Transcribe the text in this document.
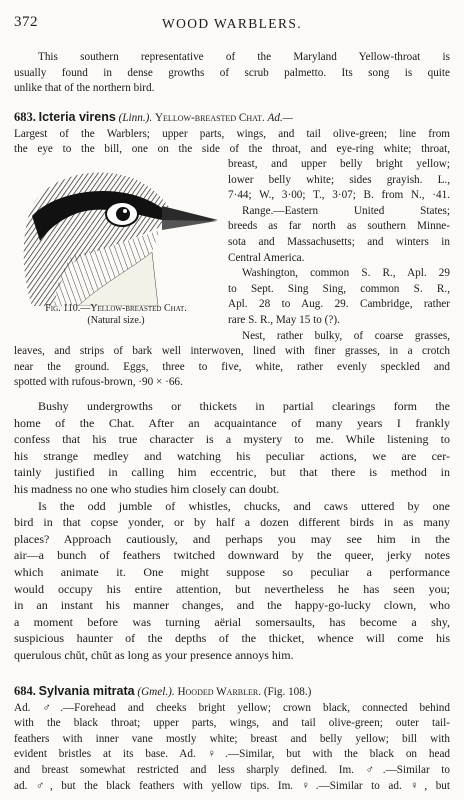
372	WOOD WARBLERS.
This southern representative of the Maryland Yellow-throat is
usually found in dense growths of scrub palmetto. Its song is quite
unlike that of the northern bird.
683. Icteria virens (Linn.). Yellow-breasted Chat. Ad.—
Largest of the Warblers; upper parts, wings, and tail olive-green; line from
the eye to the bill, one on the side of the throat, and eye-ring white; throat,
Fig. 110.—Yellow-breasted Chat.
(Natural size.)
breast, and upper belly bright yellow;
lower belly white; sides grayish. L.,
7·44; W., 3·00; T., 3·07; B. from N., ·41.
Range.—Eastern United States;
breeds as far north as southern Minne-
sota and Massachusetts; and winters in
Central America.
Washington, common S. R., Apl. 29
to Sept. Sing Sing, common S. R.,
Apl. 28 to Aug. 29. Cambridge, rather
rare S. R., May 15 to (?).
Nest, rather bulky, of coarse grasses,
leaves, and strips of bark well interwoven, lined with finer grasses, in a crotch
near the ground. Eggs, three to five, white, rather evenly speckled and
spotted with rufous-brown, ·90 × ·66.
Bushy undergrowths or thickets in partial clearings form the
home of the Chat. After an acquaintance of many years I frankly
confess that his true character is a mystery to me. While listening to
his strange medley and watching his peculiar actions, we are cer-
tainly justified in calling him eccentric, but that there is method in
his madness no one who studies him closely can doubt.
Is the odd jumble of whistles, chucks, and caws uttered by one
bird in that copse yonder, or by half a dozen different birds in as many
places? Approach cautiously, and perhaps you may see him in the
air—a bunch of feathers twitched downward by the queer, jerky notes
which animate it. One might suppose so peculiar a performance
would occupy his entire attention, but nevertheless he has seen you;
in an instant his manner changes, and the happy-go-lucky clown, who
a moment before was turning aërial somersaults, has become a shy,
suspicious haunter of the depths of the thicket, whence will come his
querulous chŭt, chŭt as long as your presence annoys him.
684. Sylvania mitrata (Gmel.). Hooded Warbler. (Fig. 108.)
Ad. ♂.—Forehead and cheeks bright yellow; crown black, connected behind
with the black throat; upper parts, wings, and tail olive-green; outer tail-
feathers with inner vane mostly white; breast and belly yellow; bill with
evident bristles at its base. Ad. ♀.—Similar, but with the black on head
and breast somewhat restricted and less sharply defined. Im. ♂.—Similar to
ad. ♂, but the black feathers with yellow tips. Im. ♀.—Similar to ad. ♀, but
